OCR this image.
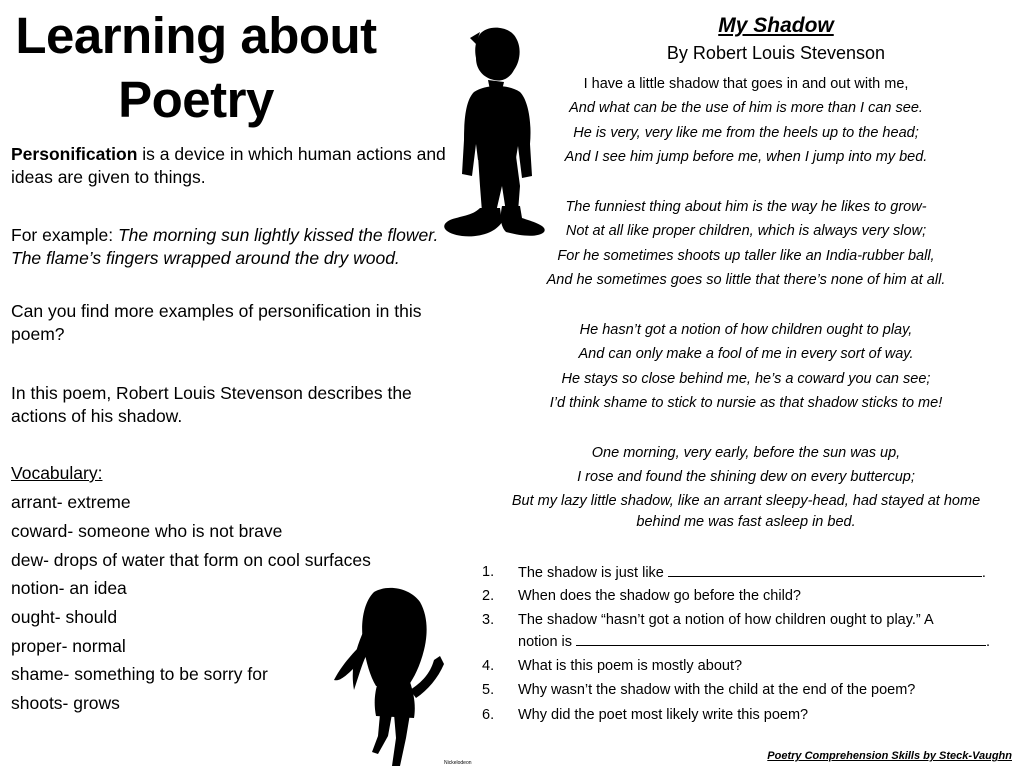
Learning about
Poetry
Personification is a device in which human actions and ideas are given to things.
For example: The morning sun lightly kissed the flower. The flame’s fingers wrapped around the dry wood.
Can you find more examples of personification in this poem?
In this poem, Robert Louis Stevenson describes the actions of his shadow.
Vocabulary:
arrant- extreme
coward- someone who is not brave
dew- drops of water that form on cool surfaces
notion- an idea
ought- should
proper- normal
shame- something to be sorry for
shoots- grows
My Shadow
By Robert Louis Stevenson
I have a little shadow that goes in and out with me,
And what can be the use of him is more than I can see.
He is very, very like me from the heels up to the head;
And I see him jump before me, when I jump into my bed.
The funniest thing about him is the way he likes to grow-
Not at all like proper children, which is always very slow;
For he sometimes shoots up taller like an India-rubber ball,
And he sometimes goes so little that there’s none of him at all.
He hasn’t got a notion of how children ought to play,
And can only make a fool of me in every sort of way.
He stays so close behind me, he’s a coward you can see;
I’d think shame to stick to nursie as that shadow sticks to me!
One morning, very early, before the sun was up,
I rose and found the shining dew on every buttercup;
But my lazy little shadow, like an arrant sleepy-head, had stayed at home
behind me was fast asleep in bed.
1. The shadow is just like	.
2. When does the shadow go before the child?
3. The shadow “hasn’t got a notion of how children ought to play.” A
notion is	.
4. What is this poem is mostly about?
5. Why wasn’t the shadow with the child at the end of the poem?
6. Why did the poet most likely write this poem?
Poetry Comprehension Skills by Steck-Vaughn
Nickelodeon
